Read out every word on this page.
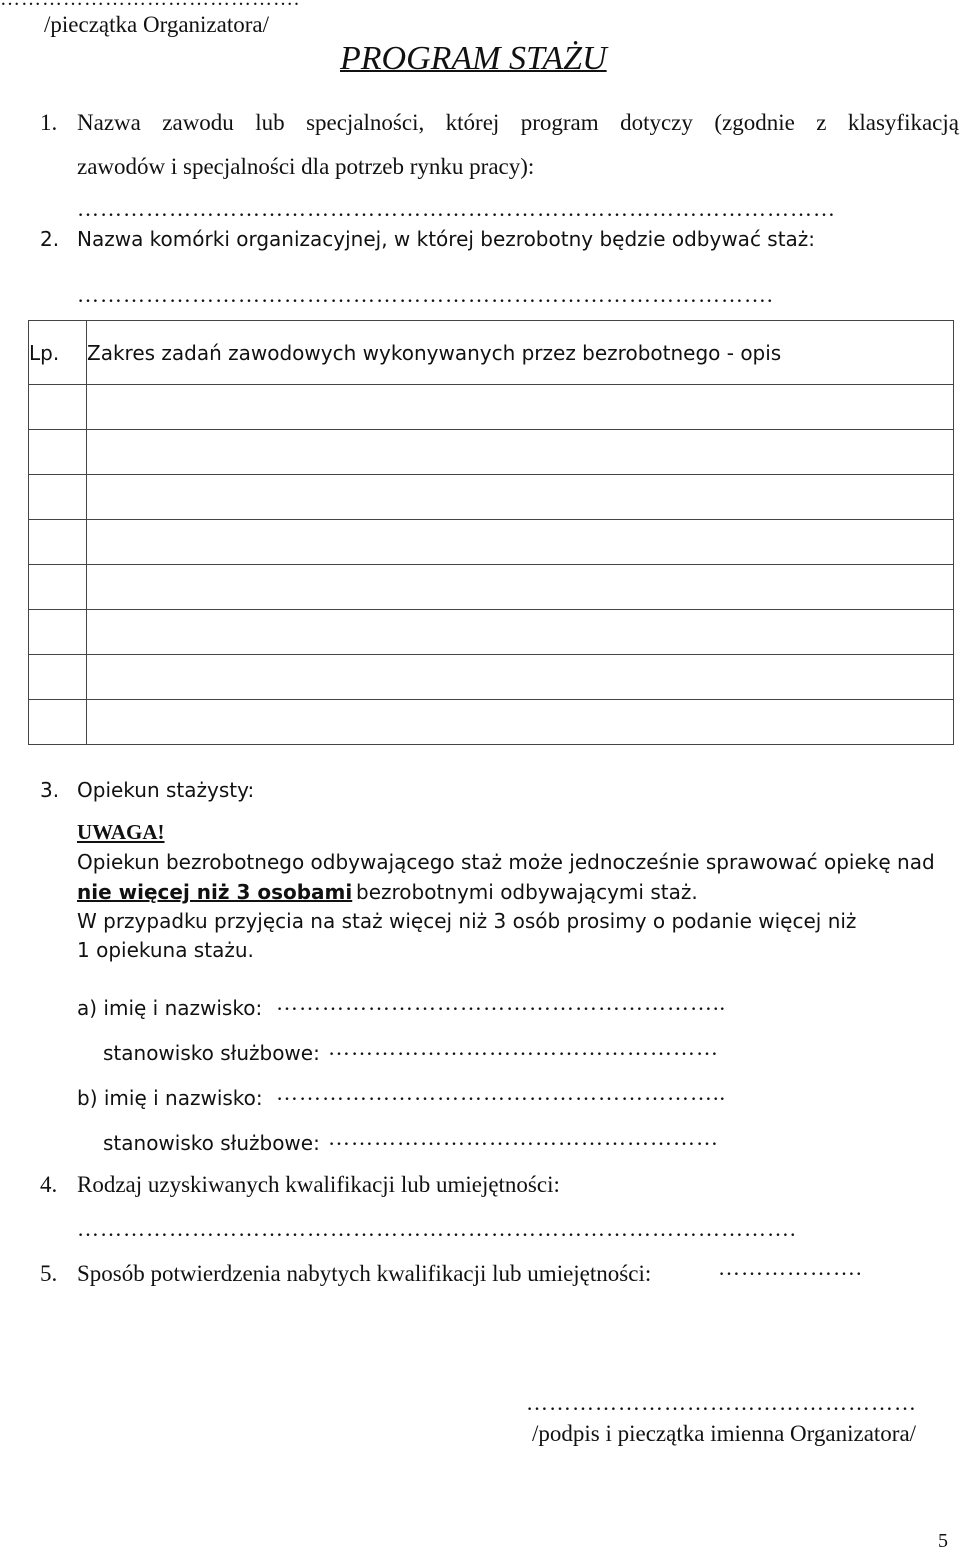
/pieczątka Organizatora/
PROGRAM STAŻU
1. Nazwa zawodu lub specjalności, której program dotyczy (zgodnie z klasyfikacją
zawodów i specjalności dla potrzeb rynku pracy):
………………………………………………………………………………………
2. Nazwa komórki organizacyjnej, w której bezrobotny będzie odbywać staż:
……………………………………………………………………………….
Lp.	Zakres zadań zawodowych wykonywanych przez bezrobotnego - opis

3. Opiekun stażysty:
UWAGA!
Opiekun bezrobotnego odbywającego staż może jednocześnie sprawować opiekę nad
nie więcej niż 3 osobami bezrobotnymi odbywającymi staż.
W przypadku przyjęcia na staż więcej niż 3 osób prosimy o podanie więcej niż
1 opiekuna stażu.
a) imię i nazwisko: …………………………………………………..
stanowisko służbowe: ……………………………………………
b) imię i nazwisko: …………………………………………………..
stanowisko służbowe: ……………………………………………
4. Rodzaj uzyskiwanych kwalifikacji lub umiejętności:
………………………………………………………………………………….
5. Sposób potwierdzenia nabytych kwalifikacji lub umiejętności:	……………….
……………………………………………
/podpis i pieczątka imienna Organizatora/
5
